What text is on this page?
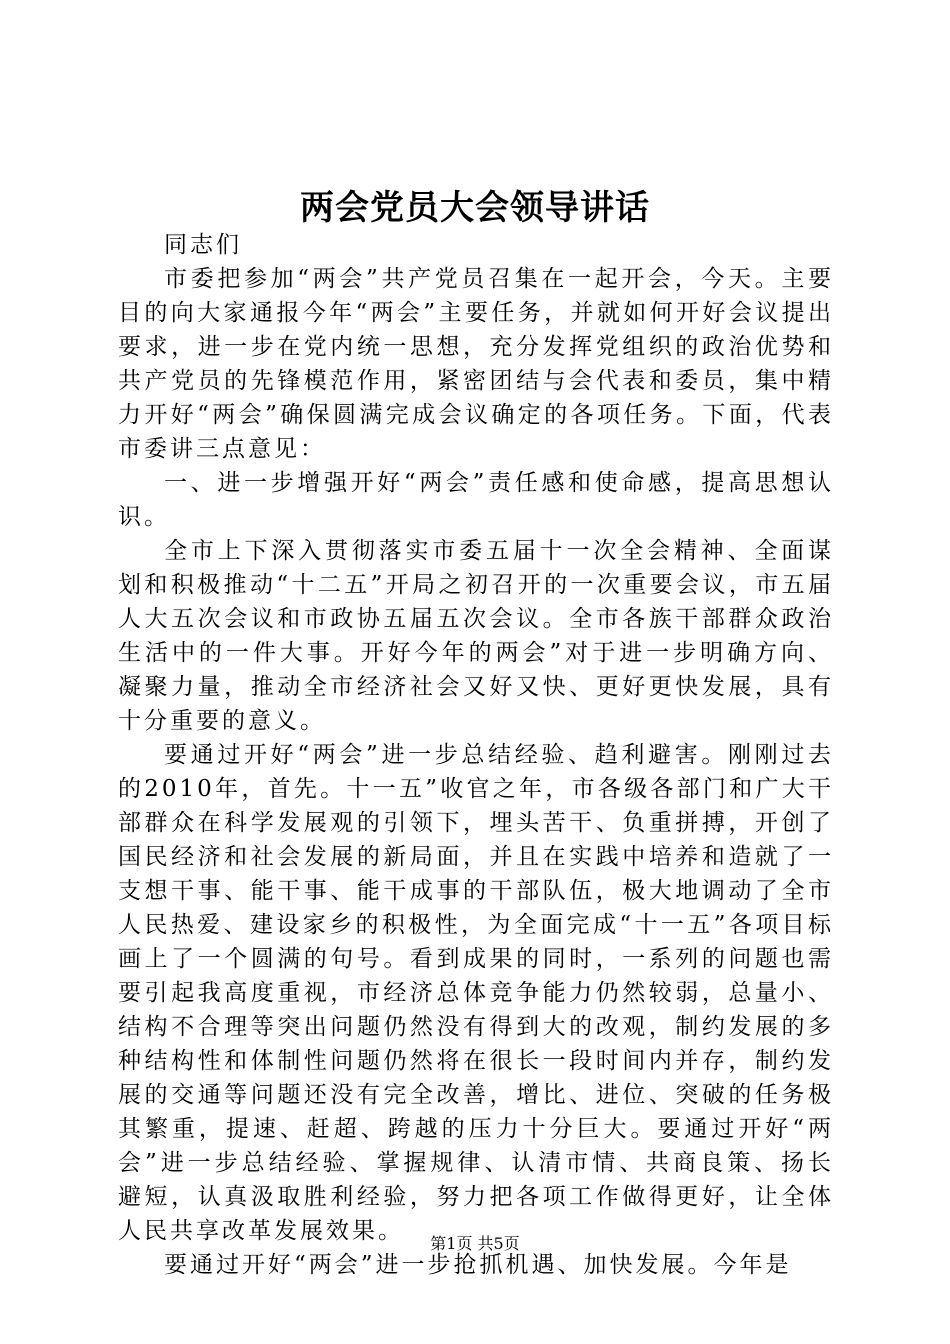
两会党员大会领导讲话

同志们

市委把参加“两会”共产党员召集在一起开会，今天。主要目的向大家通报今年“两会”主要任务，并就如何开好会议提出要求，进一步在党内统一思想，充分发挥党组织的政治优势和共产党员的先锋模范作用，紧密团结与会代表和委员，集中精力开好“两会”确保圆满完成会议确定的各项任务。下面，代表市委讲三点意见：

一、进一步增强开好“两会”责任感和使命感，提高思想认识。

全市上下深入贯彻落实市委五届十一次全会精神、全面谋划和积极推动“十二五”开局之初召开的一次重要会议，市五届人大五次会议和市政协五届五次会议。全市各族干部群众政治生活中的一件大事。开好今年的两会”对于进一步明确方向、凝聚力量，推动全市经济社会又好又快、更好更快发展，具有十分重要的意义。

要通过开好“两会”进一步总结经验、趋利避害。刚刚过去的2010年，首先。十一五”收官之年，市各级各部门和广大干部群众在科学发展观的引领下，埋头苦干、负重拼搏，开创了国民经济和社会发展的新局面，并且在实践中培养和造就了一支想干事、能干事、能干成事的干部队伍，极大地调动了全市人民热爱、建设家乡的积极性，为全面完成“十一五”各项目标画上了一个圆满的句号。看到成果的同时，一系列的问题也需要引起我高度重视，市经济总体竞争能力仍然较弱，总量小、结构不合理等突出问题仍然没有得到大的改观，制约发展的多种结构性和体制性问题仍然将在很长一段时间内并存，制约发展的交通等问题还没有完全改善，增比、进位、突破的任务极其繁重，提速、赶超、跨越的压力十分巨大。要通过开好“两会”进一步总结经验、掌握规律、认清市情、共商良策、扬长避短，认真汲取胜利经验，努力把各项工作做得更好，让全体人民共享改革发展效果。

要通过开好“两会”进一步抢抓机遇、加快发展。今年是

第1页 共5页
